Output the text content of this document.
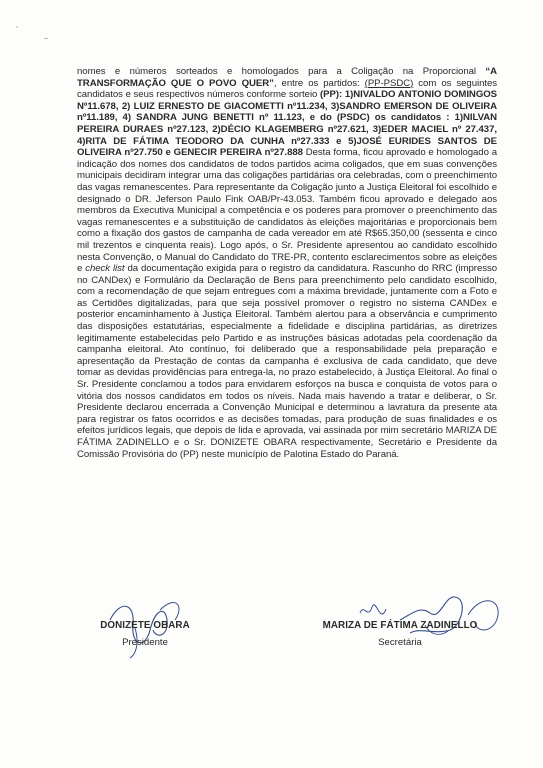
nomes e números sorteados e homologados para a Coligação na Proporcional “A TRANSFORMAÇÃO QUE O POVO QUER”, entre os partidos: (PP-PSDC) com os seguintes candidatos e seus respectivos números conforme sorteio (PP): 1)NIVALDO ANTONIO DOMINGOS Nº11.678, 2) LUIZ ERNESTO DE GIACOMETTI nº11.234, 3)SANDRO EMERSON DE OLIVEIRA nº11.189, 4) SANDRA JUNG BENETTI nº 11.123, e do (PSDC) os candidatos : 1)NILVAN PEREIRA DURAES nº27.123, 2)DÉCIO KLAGEMBERG nº27.621, 3)EDER MACIEL nº 27.437, 4)RITA DE FÁTIMA TEODORO DA CUNHA nº27.333 e 5)JOSÉ EURIDES SANTOS DE OLIVEIRA nº27.750 e GENECIR PEREIRA nº27.888 Desta forma, ficou aprovado e homologado a indicação dos nomes dos candidatos de todos partidos acima coligados, que em suas convenções municipais decidiram integrar uma das coligações partidárias ora celebradas, com o preenchimento das vagas remanescentes. Para representante da Coligação junto a Justiça Eleitoral foi escolhido e designado o DR. Jeferson Paulo Fink OAB/Pr-43.053. Também ficou aprovado e delegado aos membros da Executiva Municipal a competência e os poderes para promover o preenchimento das vagas remanescentes e a substituição de candidatos às eleições majoritárias e proporcionais bem como a fixação dos gastos de campanha de cada vereador em até R$65.350,00 (sessenta e cinco mil trezentos e cinquenta reais). Logo após, o Sr. Presidente apresentou ao candidato escolhido nesta Convenção, o Manual do Candidato do TRE-PR, contento esclarecimentos sobre as eleições e check list da documentação exigida para o registro da candidatura. Rascunho do RRC (impresso no CANDex) e Formulário da Declaração de Bens para preenchimento pelo candidato escolhido, com a recomendação de que sejam entregues com a máxima brevidade, juntamente com a Foto e as Certidões digitalizadas, para que seja possível promover o registro no sistema CANDex e posterior encaminhamento à Justiça Eleitoral. Também alertou para a observância e cumprimento das disposições estatutárias, especialmente a fidelidade e disciplina partidárias, as diretrizes legitimamente estabelecidas pelo Partido e as instruções básicas adotadas pela coordenação da campanha eleitoral. Ato contínuo, foi deliberado que a responsabilidade pela preparação e apresentação da Prestação de contas da campanha é exclusiva de cada candidato, que deve tomar as devidas providências para entrega-la, no prazo estabelecido, à Justiça Eleitoral. Ao final o Sr. Presidente conclamou a todos para envidarem esforços na busca e conquista de votos para o vitória dos nossos candidatos em todos os níveis. Nada mais havendo a tratar e deliberar, o Sr. Presidente declarou encerrada a Convenção Municipal e determinou a lavratura da presente ata para registrar os fatos ocorridos e as decisões tomadas, para produção de suas finalidades e os efeitos jurídicos legais, que depois de lida e aprovada, vai assinada por mim secretário MARIZA DE FÁTIMA ZADINELLO e o Sr. DONIZETE OBARA respectivamente, Secretário e Presidente da Comissão Provisória do (PP) neste município de Palotina Estado do Paraná.

DONIZETE OBARA
Presidente
MARIZA DE FÁTIMA ZADINELLO
Secretária
